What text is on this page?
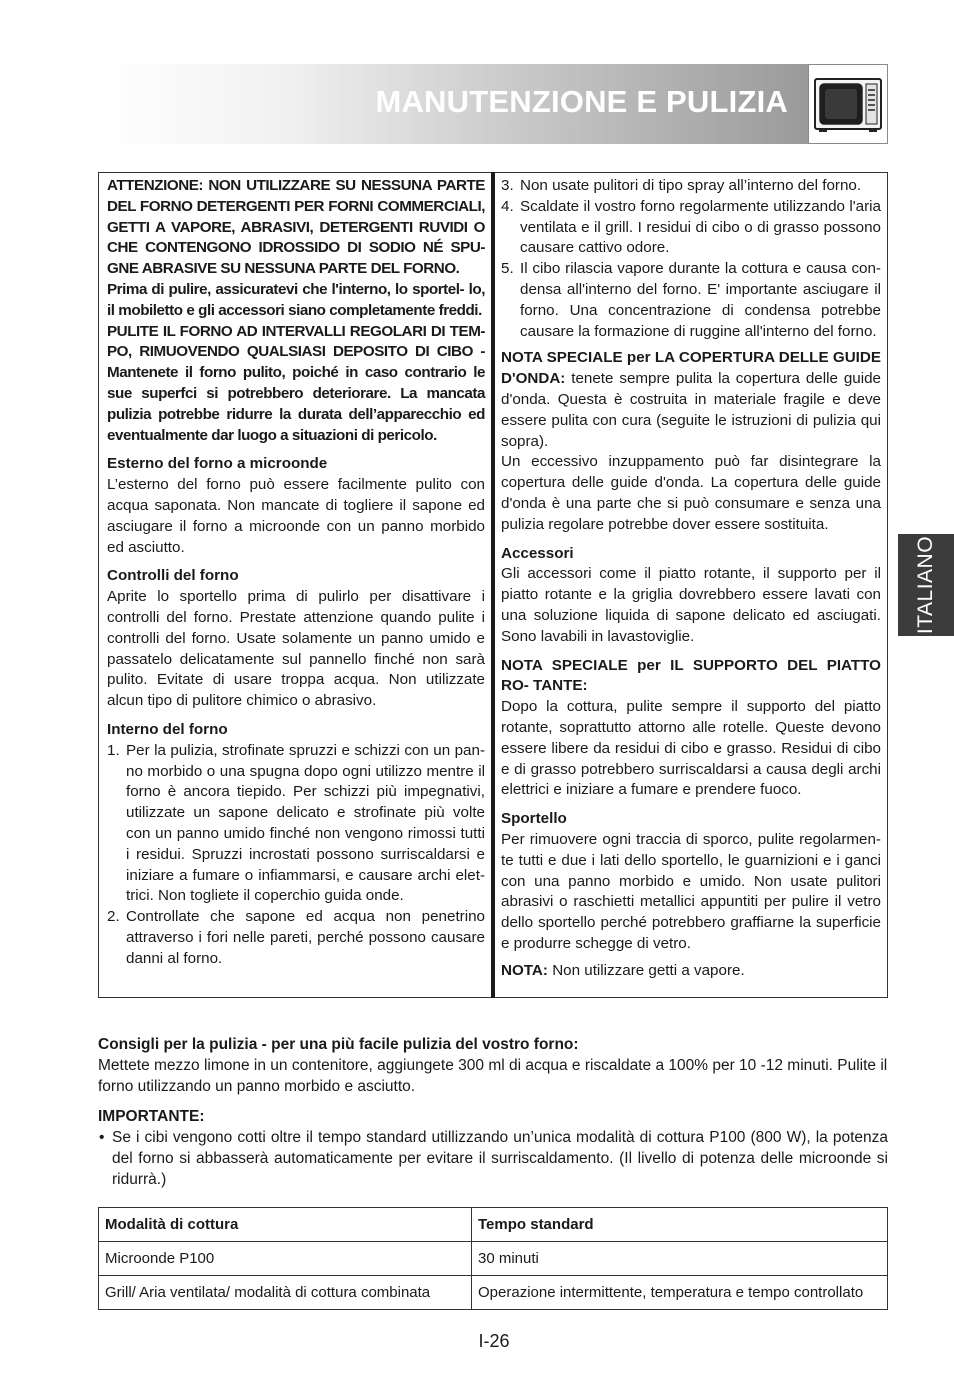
MANUTENZIONE E PULIZIA
ITALIANO

ATTENZIONE: NON UTILIZZARE SU NESSUNA PARTE DEL FORNO DETERGENTI PER FORNI COMMERCIALI, GETTI A VAPORE, ABRASIVI, DETERGENTI RUVIDI O CHE CONTENGONO IDROSSIDO DI SODIO NÉ SPU- GNE ABRASIVE SU NESSUNA PARTE DEL FORNO.

Prima di pulire, assicuratevi che l'interno, lo sportel- lo, il mobiletto e gli accessori siano completamente freddi.

PULITE IL FORNO AD INTERVALLI REGOLARI DI TEM- PO, RIMUOVENDO QUALSIASI DEPOSITO DI CIBO - Mantenete il forno pulito, poiché in caso contrario le sue superfci si potrebbero deteriorare. La mancata pulizia potrebbe ridurre la durata dell’apparecchio ed eventualmente dar luogo a situazioni di pericolo.

Esterno del forno a microonde

L’esterno del forno può essere facilmente pulito con acqua saponata. Non mancate di togliere il sapone ed asciugare il forno a microonde con un panno morbido ed asciutto.

Controlli del forno

Aprite lo sportello prima di pulirlo per disattivare i controlli del forno. Prestate attenzione quando pulite i controlli del forno. Usate solamente un panno umido e passatelo delicatamente sul pannello finché non sarà pulito. Evitate di usare troppa acqua. Non utilizzate alcun tipo di pulitore chimico o abrasivo.

Interno del forno

1. Per la pulizia, strofinate spruzzi e schizzi con un pan- no morbido o una spugna dopo ogni utilizzo mentre il forno è ancora tiepido. Per schizzi più impegnativi, utilizzate un sapone delicato e strofinate più volte con un panno umido finché non vengono rimossi tutti i residui. Spruzzi incrostati possono surriscaldarsi e iniziare a fumare o infiammarsi, e causare archi elet- trici. Non togliete il coperchio guida onde.
2. Controllate che sapone ed acqua non penetrino attraverso i fori nelle pareti, perché possono causare danni al forno.
3. Non usate pulitori di tipo spray all’interno del forno.
4. Scaldate il vostro forno regolarmente utilizzando l'aria ventilata e il grill. I residui di cibo o di grasso possono causare cattivo odore.
5. Il cibo rilascia vapore durante la cottura e causa con- densa all'interno del forno. E' importante asciugare il forno. Una concentrazione di condensa potrebbe causare la formazione di ruggine all'interno del forno.

NOTA SPECIALE per LA COPERTURA DELLE GUIDE D'ONDA: tenete sempre pulita la copertura delle guide d'onda. Questa è costruita in materiale fragile e deve essere pulita con cura (seguite le istruzioni di pulizia qui sopra).

Un eccessivo inzuppamento può far disintegrare la copertura delle guide d'onda. La copertura delle guide d'onda è una parte che si può consumare e senza una pulizia regolare potrebbe dover essere sostituita.

Accessori

Gli accessori come il piatto rotante, il supporto per il piatto rotante e la griglia dovrebbero essere lavati con una soluzione liquida di sapone delicato ed asciugati. Sono lavabili in lavastoviglie.

NOTA SPECIALE per IL SUPPORTO DEL PIATTO RO- TANTE:

Dopo la cottura, pulite sempre il supporto del piatto rotante, soprattutto attorno alle rotelle. Queste devono essere libere da residui di cibo e grasso. Residui di cibo e di grasso potrebbero surriscaldarsi a causa degli archi elettrici e iniziare a fumare e prendere fuoco.

Sportello

Per rimuovere ogni traccia di sporco, pulite regolarmen- te tutti e due i lati dello sportello, le guarnizioni e i ganci con una panno morbido e umido. Non usate pulitori abrasivi o raschietti metallici appuntiti per pulire il vetro dello sportello perché potrebbero graffiarne la superficie e produrre schegge di vetro.

NOTA: Non utilizzare getti a vapore.

Consigli per la pulizia - per una più facile pulizia del vostro forno:

Mettete mezzo limone in un contenitore, aggiungete 300 ml di acqua e riscaldate a 100% per 10 -12 minuti. Pulite il forno utilizzando un panno morbido e asciutto.

IMPORTANTE:

• Se i cibi vengono cotti oltre il tempo standard utillizzando un’unica modalità di cottura P100 (800 W), la potenza del forno si abbasserà automaticamente per evitare il surriscaldamento. (Il livello di potenza delle microonde si ridurrà.)
Modalità di cottura	Tempo standard
Microonde P100	30 minuti
Grill/ Aria ventilata/ modalità di cottura combinata	Operazione intermittente, temperatura e tempo controllato
I-26
